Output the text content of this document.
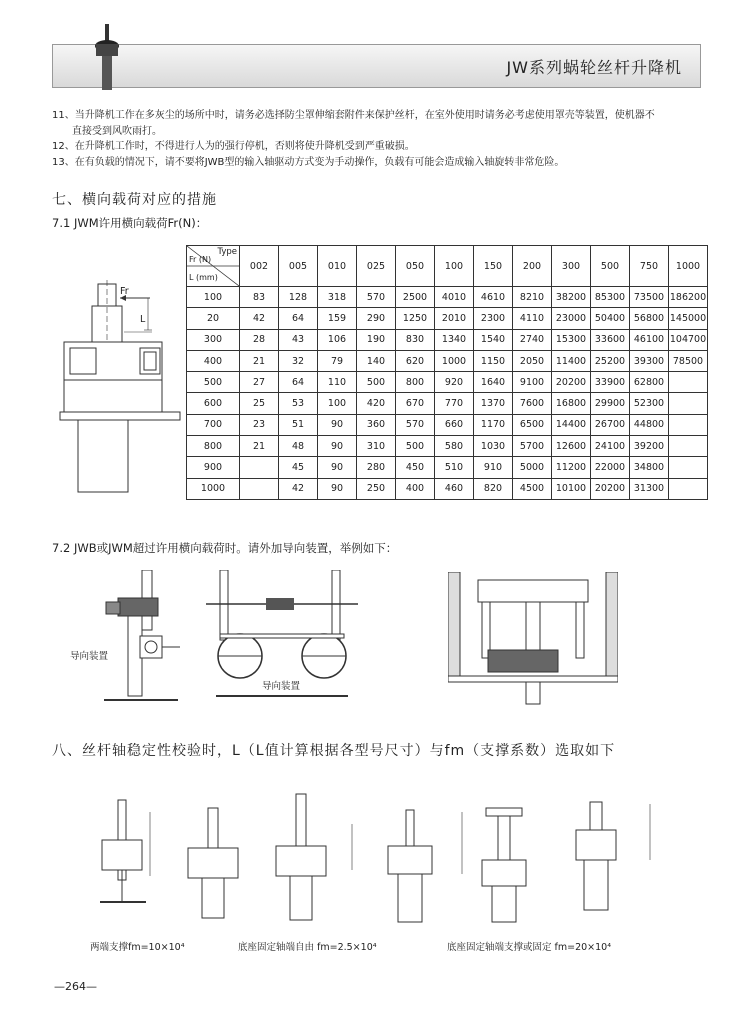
JW系列蜗轮丝杆升降机

11、当升降机工作在多灰尘的场所中时，请务必选择防尘罩伸缩套附件来保护丝杆，在室外使用时请务必考虑使用罩壳等装置，使机器不

直接受到风吹雨打。

12、在升降机工作时，不得进行人为的强行停机，否则将使升降机受到严重破损。

13、在有负载的情况下，请不要将JWB型的输入轴驱动方式变为手动操作，负载有可能会造成输入轴旋转非常危险。

七、横向载荷对应的措施
7.1 JWM许用横向载荷Fr(N)：
Fr
L
Type
Fr (N)
L (mm)	002	005	010	025	050	100	150	200	300	500	750	1000
100	83	128	318	570	2500	4010	4610	8210	38200	85300	73500	186200
20	42	64	159	290	1250	2010	2300	4110	23000	50400	56800	145000
300	28	43	106	190	830	1340	1540	2740	15300	33600	46100	104700
400	21	32	79	140	620	1000	1150	2050	11400	25200	39300	78500
500	27	64	110	500	800	920	1640	9100	20200	33900	62800	
600	25	53	100	420	670	770	1370	7600	16800	29900	52300	
700	23	51	90	360	570	660	1170	6500	14400	26700	44800	
800	21	48	90	310	500	580	1030	5700	12600	24100	39200	
900		45	90	280	450	510	910	5000	11200	22000	34800	
1000		42	90	250	400	460	820	4500	10100	20200	31300	
7.2 JWB或JWM超过许用横向载荷时。请外加导向装置，举例如下：
导向装置
导向装置
八、丝杆轴稳定性校验时，L（L值计算根据各型号尺寸）与fm（支撑系数）选取如下
两端支撑fm=10×10⁴	底座固定轴端自由 fm=2.5×10⁴	底座固定轴端支撑或固定 fm=20×10⁴
—264—
